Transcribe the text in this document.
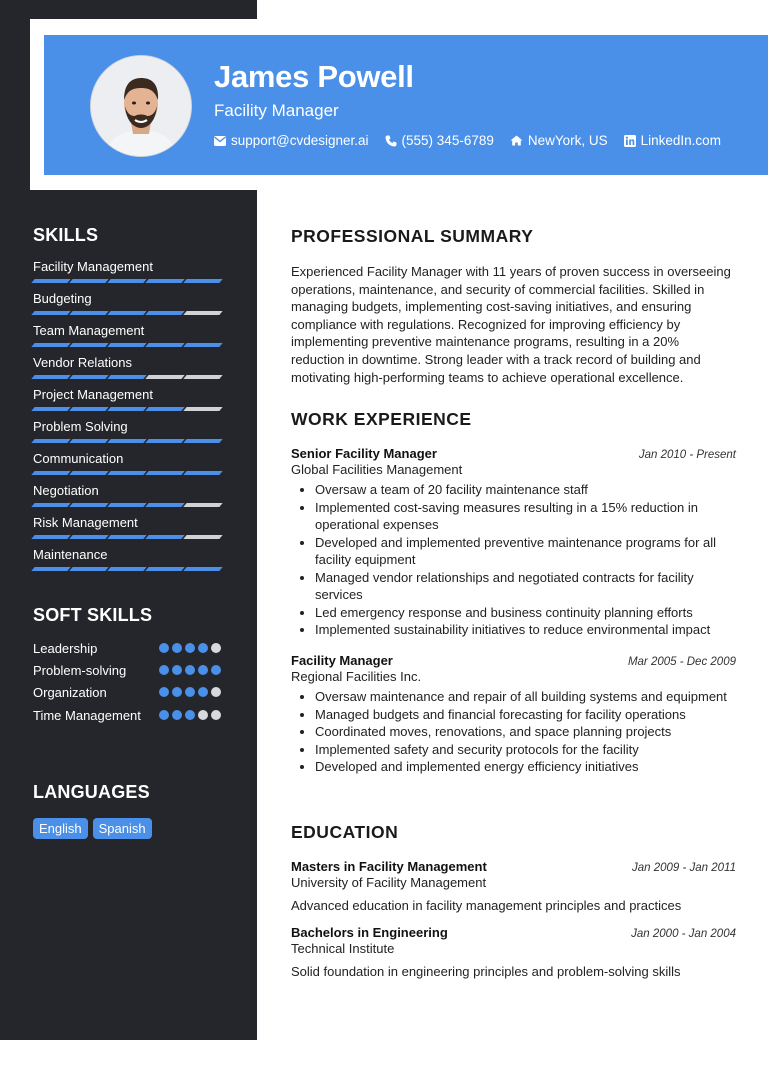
SKILLS
Facility Management
Budgeting
Team Management
Vendor Relations
Project Management
Problem Solving
Communication
Negotiation
Risk Management
Maintenance
SOFT SKILLS
Leadership
Problem-solving
Organization
Time Management
LANGUAGES
English	Spanish
James Powell
Facility Manager
support@cvdesigner.ai (555) 345-6789	NewYork, US LinkedIn.com
PROFESSIONAL SUMMARY
Experienced Facility Manager with 11 years of proven success in overseeing operations, maintenance, and security of commercial facilities. Skilled in managing budgets, implementing cost-saving initiatives, and ensuring compliance with regulations. Recognized for improving efficiency by implementing preventive maintenance programs, resulting in a 20% reduction in downtime. Strong leader with a track record of building and motivating high-performing teams to achieve operational excellence.
WORK EXPERIENCE
Senior Facility Manager	Jan 2010 - Present
Global Facilities Management
• Oversaw a team of 20 facility maintenance staff
• Implemented cost-saving measures resulting in a 15% reduction in operational expenses
• Developed and implemented preventive maintenance programs for all facility equipment
• Managed vendor relationships and negotiated contracts for facility services
• Led emergency response and business continuity planning efforts
• Implemented sustainability initiatives to reduce environmental impact
Facility Manager	Mar 2005 - Dec 2009
Regional Facilities Inc.
• Oversaw maintenance and repair of all building systems and equipment
• Managed budgets and financial forecasting for facility operations
• Coordinated moves, renovations, and space planning projects
• Implemented safety and security protocols for the facility
• Developed and implemented energy efficiency initiatives
EDUCATION
Masters in Facility Management	Jan 2009 - Jan 2011
University of Facility Management
Advanced education in facility management principles and practices
Bachelors in Engineering	Jan 2000 - Jan 2004
Technical Institute
Solid foundation in engineering principles and problem-solving skills
